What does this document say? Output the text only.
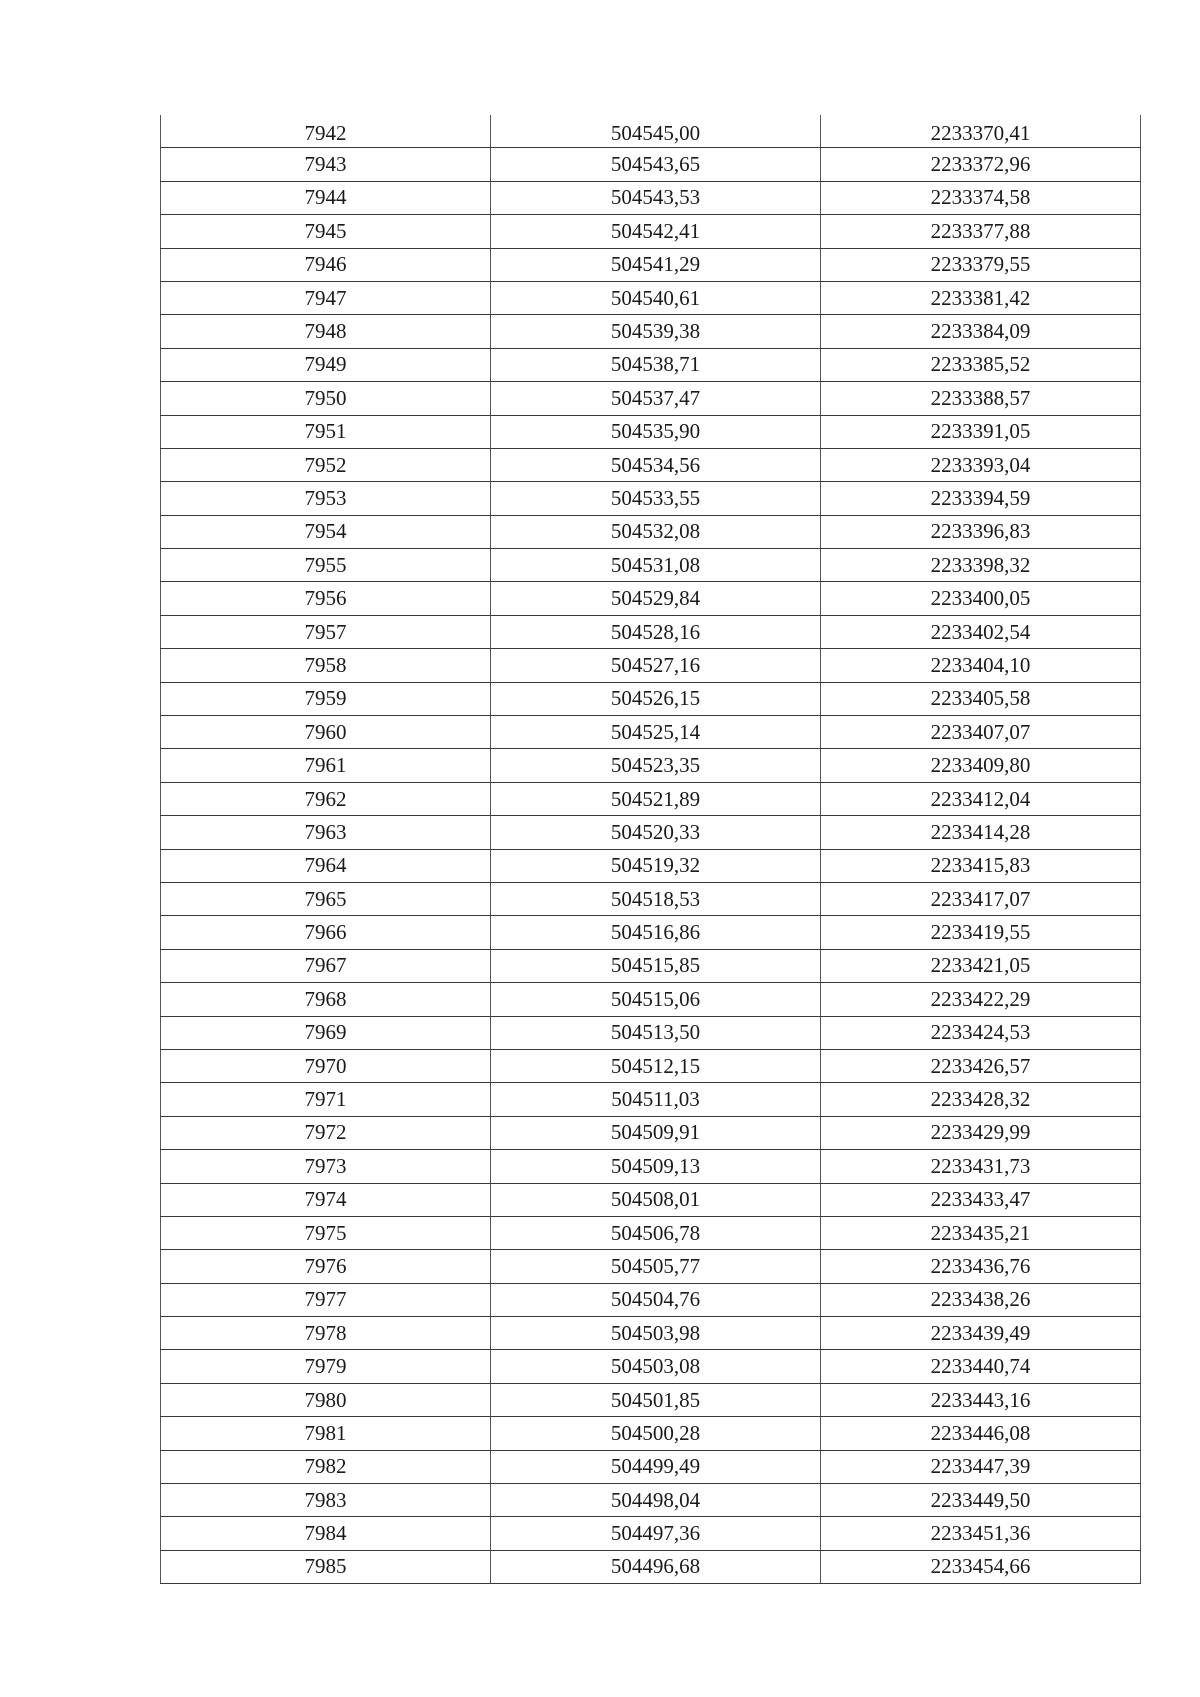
7942	504545,00	2233370,41
7943	504543,65	2233372,96
7944	504543,53	2233374,58
7945	504542,41	2233377,88
7946	504541,29	2233379,55
7947	504540,61	2233381,42
7948	504539,38	2233384,09
7949	504538,71	2233385,52
7950	504537,47	2233388,57
7951	504535,90	2233391,05
7952	504534,56	2233393,04
7953	504533,55	2233394,59
7954	504532,08	2233396,83
7955	504531,08	2233398,32
7956	504529,84	2233400,05
7957	504528,16	2233402,54
7958	504527,16	2233404,10
7959	504526,15	2233405,58
7960	504525,14	2233407,07
7961	504523,35	2233409,80
7962	504521,89	2233412,04
7963	504520,33	2233414,28
7964	504519,32	2233415,83
7965	504518,53	2233417,07
7966	504516,86	2233419,55
7967	504515,85	2233421,05
7968	504515,06	2233422,29
7969	504513,50	2233424,53
7970	504512,15	2233426,57
7971	504511,03	2233428,32
7972	504509,91	2233429,99
7973	504509,13	2233431,73
7974	504508,01	2233433,47
7975	504506,78	2233435,21
7976	504505,77	2233436,76
7977	504504,76	2233438,26
7978	504503,98	2233439,49
7979	504503,08	2233440,74
7980	504501,85	2233443,16
7981	504500,28	2233446,08
7982	504499,49	2233447,39
7983	504498,04	2233449,50
7984	504497,36	2233451,36
7985	504496,68	2233454,66
